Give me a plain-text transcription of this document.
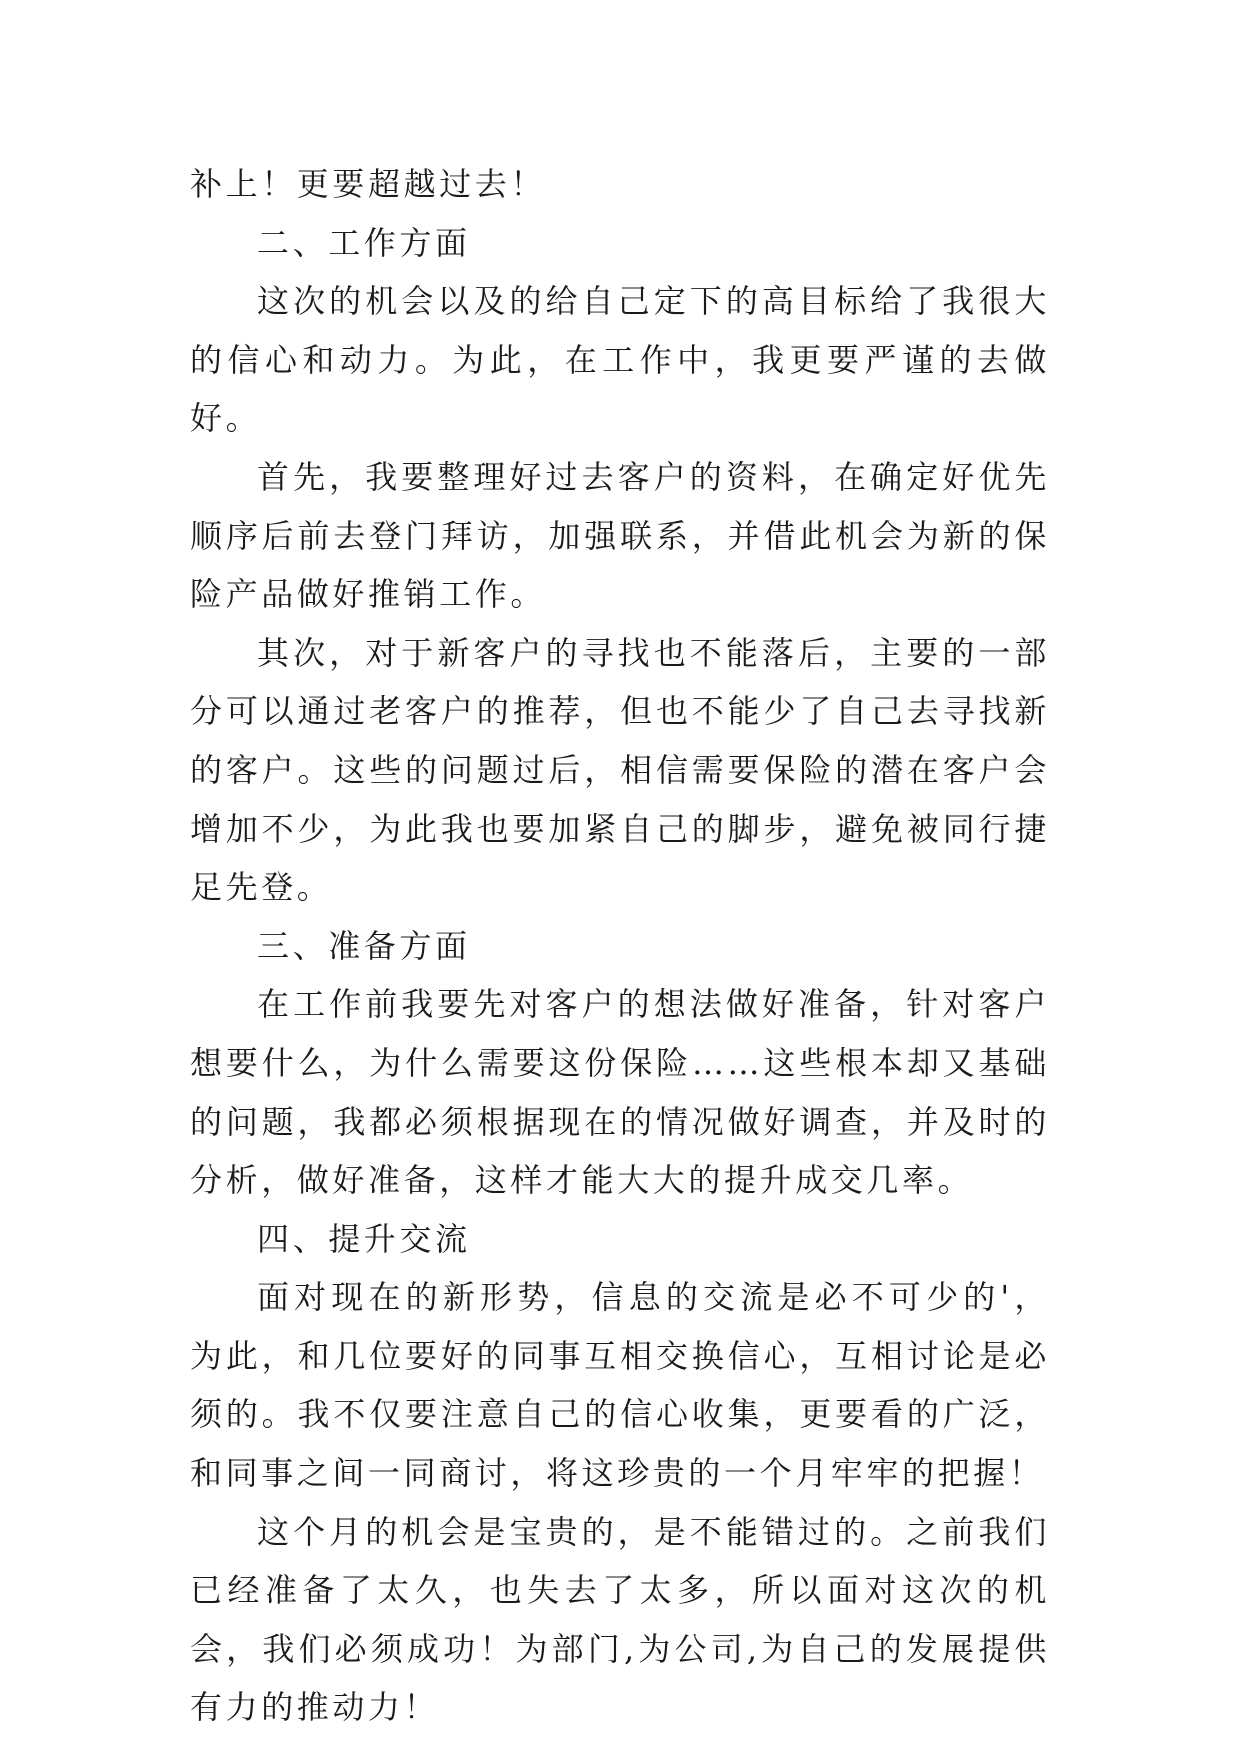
补上！更要超越过去！

二、工作方面

这次的机会以及的给自己定下的高目标给了我很大的信心和动力。为此，在工作中，我更要严谨的去做好。

首先，我要整理好过去客户的资料，在确定好优先顺序后前去登门拜访，加强联系，并借此机会为新的保险产品做好推销工作。

其次，对于新客户的寻找也不能落后，主要的一部分可以通过老客户的推荐，但也不能少了自己去寻找新的客户。这些的问题过后，相信需要保险的潜在客户会增加不少，为此我也要加紧自己的脚步，避免被同行捷足先登。

三、准备方面

在工作前我要先对客户的想法做好准备，针对客户想要什么，为什么需要这份保险……这些根本却又基础的问题，我都必须根据现在的情况做好调查，并及时的分析，做好准备，这样才能大大的提升成交几率。

四、提升交流

面对现在的新形势，信息的交流是必不可少的'，为此，和几位要好的同事互相交换信心，互相讨论是必须的。我不仅要注意自己的信心收集，更要看的广泛，和同事之间一同商讨，将这珍贵的一个月牢牢的把握！

这个月的机会是宝贵的，是不能错过的。之前我们已经准备了太久，也失去了太多，所以面对这次的机会，我们必须成功！为部门,为公司,为自己的发展提供有力的推动力！
